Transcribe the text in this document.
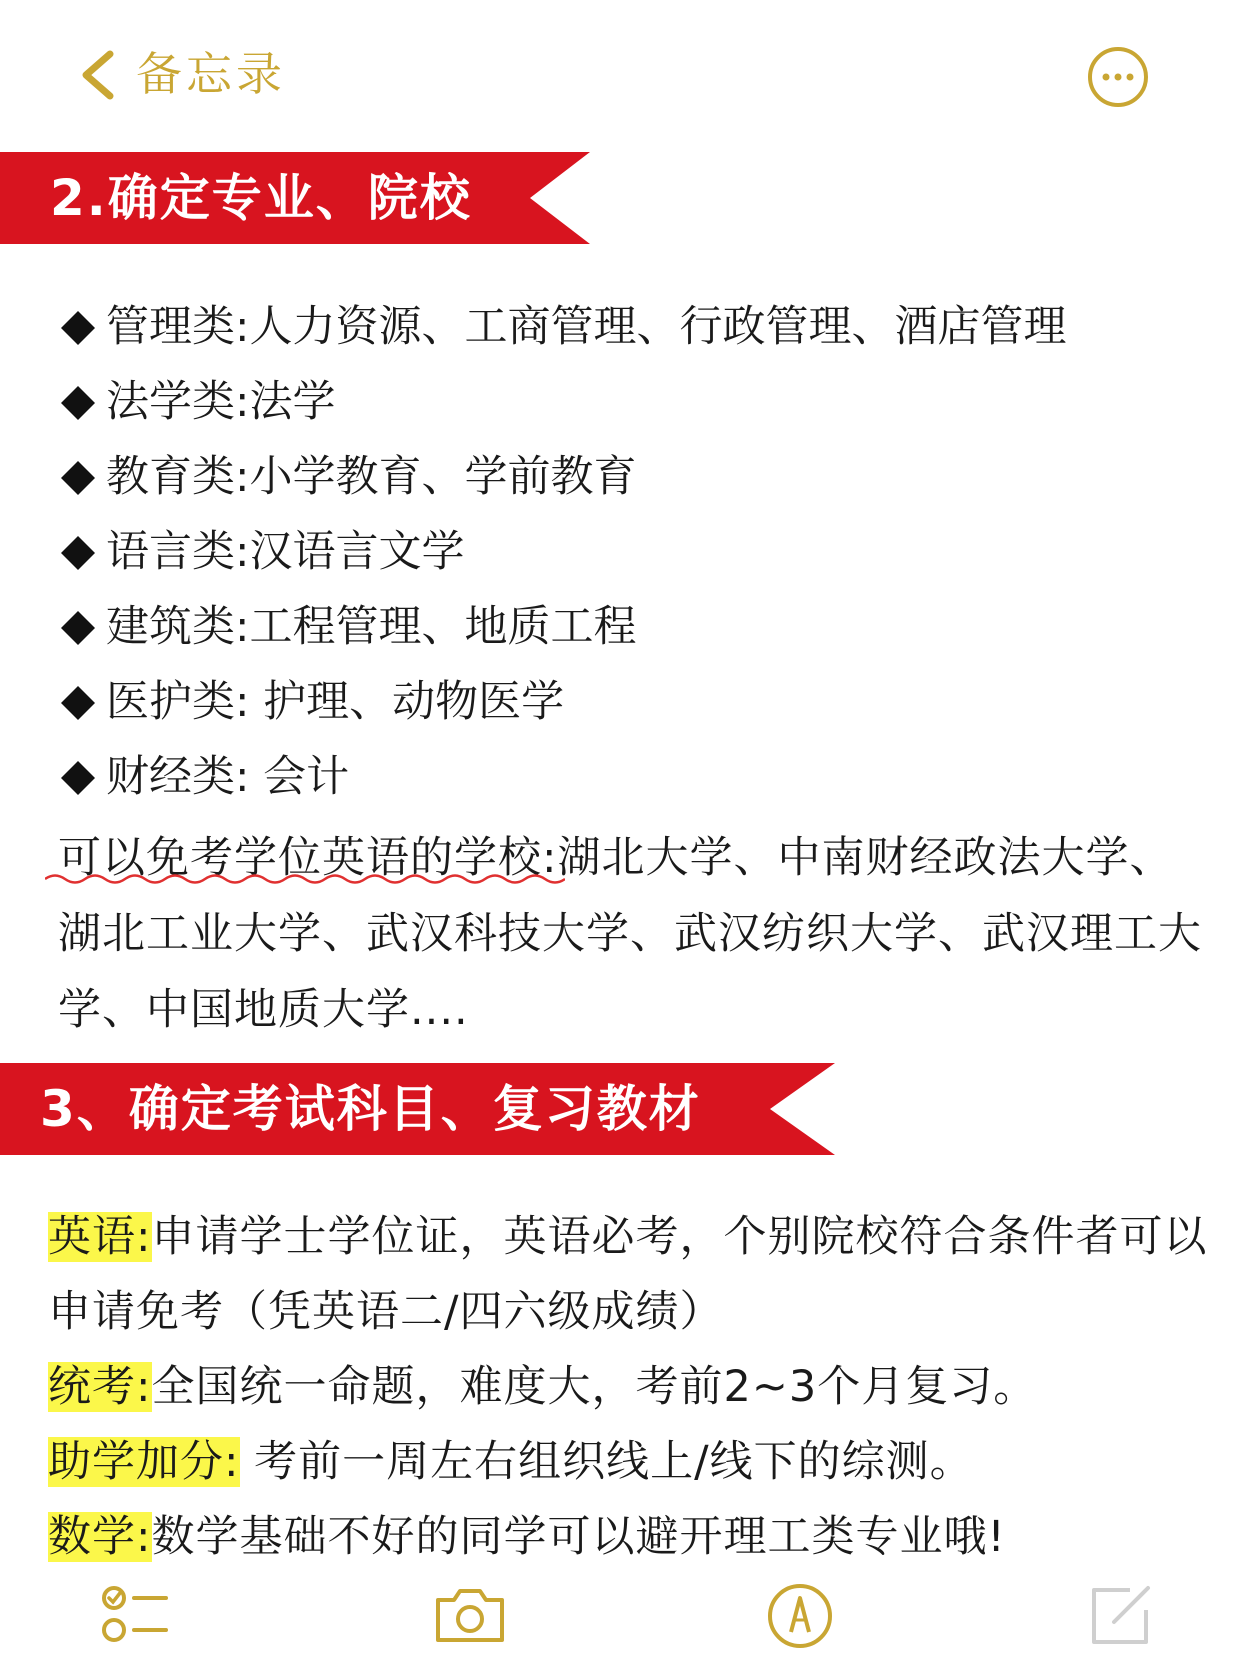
备忘录
2.确定专业、院校
管理类:人力资源、工商管理、行政管理、酒店管理
法学类:法学
教育类:小学教育、学前教育
语言类:汉语言文学
建筑类:工程管理、地质工程
医护类: 护理、动物医学
财经类: 会计
可以免考学位英语的学校:湖北大学、中南财经政法大学、湖北工业大学、武汉科技大学、武汉纺织大学、武汉理工大学、中国地质大学....
3、确定考试科目、复习教材
英语:申请学士学位证，英语必考，个别院校符合条件者可以申请免考（凭英语二/四六级成绩）
统考:全国统一命题，难度大，考前2~3个月复习。
助学加分: 考前一周左右组织线上/线下的综测。
数学:数学基础不好的同学可以避开理工类专业哦!
